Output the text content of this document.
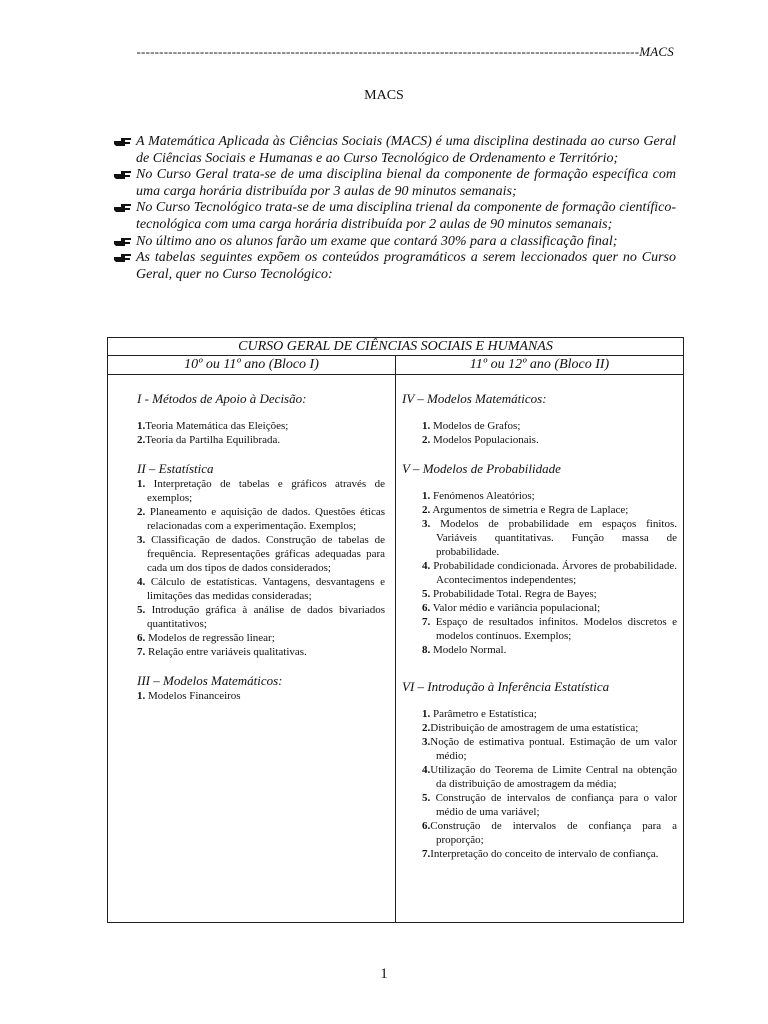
---------------------------------------------------------------------------------------------------------------MACS
MACS
A Matemática Aplicada às Ciências Sociais (MACS) é uma disciplina destinada ao curso Geral de Ciências Sociais e Humanas e ao Curso Tecnológico de Ordenamento e Território;
No Curso Geral trata-se de uma disciplina bienal da componente de formação específica com uma carga horária distribuída por 3 aulas de 90 minutos semanais;
No Curso Tecnológico trata-se de uma disciplina trienal da componente de formação científico-tecnológica com uma carga horária distribuída por 2 aulas de 90 minutos semanais;
No último ano os alunos farão um exame que contará 30% para a classificação final;
As tabelas seguintes expõem os conteúdos programáticos a serem leccionados quer no Curso Geral, quer no Curso Tecnológico:
CURSO GERAL DE CIÊNCIAS SOCIAIS E HUMANAS
10º ou 11º ano (Bloco I)	11º ou 12º ano (Bloco II)
I - Métodos de Apoio à Decisão:
1.Teoria Matemática das Eleições;
2.Teoria da Partilha Equilibrada.
II – Estatística
1. Interpretação de tabelas e gráficos através de exemplos;
2. Planeamento e aquisição de dados. Questões éticas relacionadas com a experimentação. Exemplos;
3. Classificação de dados. Construção de tabelas de frequência. Representações gráficas adequadas para cada um dos tipos de dados considerados;
4. Cálculo de estatísticas. Vantagens, desvantagens e limitações das medidas consideradas;
5. Introdução gráfica à análise de dados bivariados quantitativos;
6. Modelos de regressão linear;
7. Relação entre variáveis qualitativas.
III – Modelos Matemáticos:
1. Modelos Financeiros
IV – Modelos Matemáticos:
1. Modelos de Grafos;
2. Modelos Populacionais.
V – Modelos de Probabilidade
1. Fenómenos Aleatórios;
2. Argumentos de simetria e Regra de Laplace;
3. Modelos de probabilidade em espaços finitos. Variáveis quantitativas. Função massa de probabilidade.
4. Probabilidade condicionada. Árvores de probabilidade. Acontecimentos independentes;
5. Probabilidade Total. Regra de Bayes;
6. Valor médio e variância populacional;
7. Espaço de resultados infinitos. Modelos discretos e modelos contínuos. Exemplos;
8. Modelo Normal.
VI – Introdução à Inferência Estatística
1. Parâmetro e Estatística;
2.Distribuição de amostragem de uma estatística;
3.Noção de estimativa pontual. Estimação de um valor médio;
4.Utilização do Teorema de Limite Central na obtenção da distribuição de amostragem da média;
5. Construção de intervalos de confiança para o valor médio de uma variável;
6.Construção de intervalos de confiança para a proporção;
7.Interpretação do conceito de intervalo de confiança.
1
